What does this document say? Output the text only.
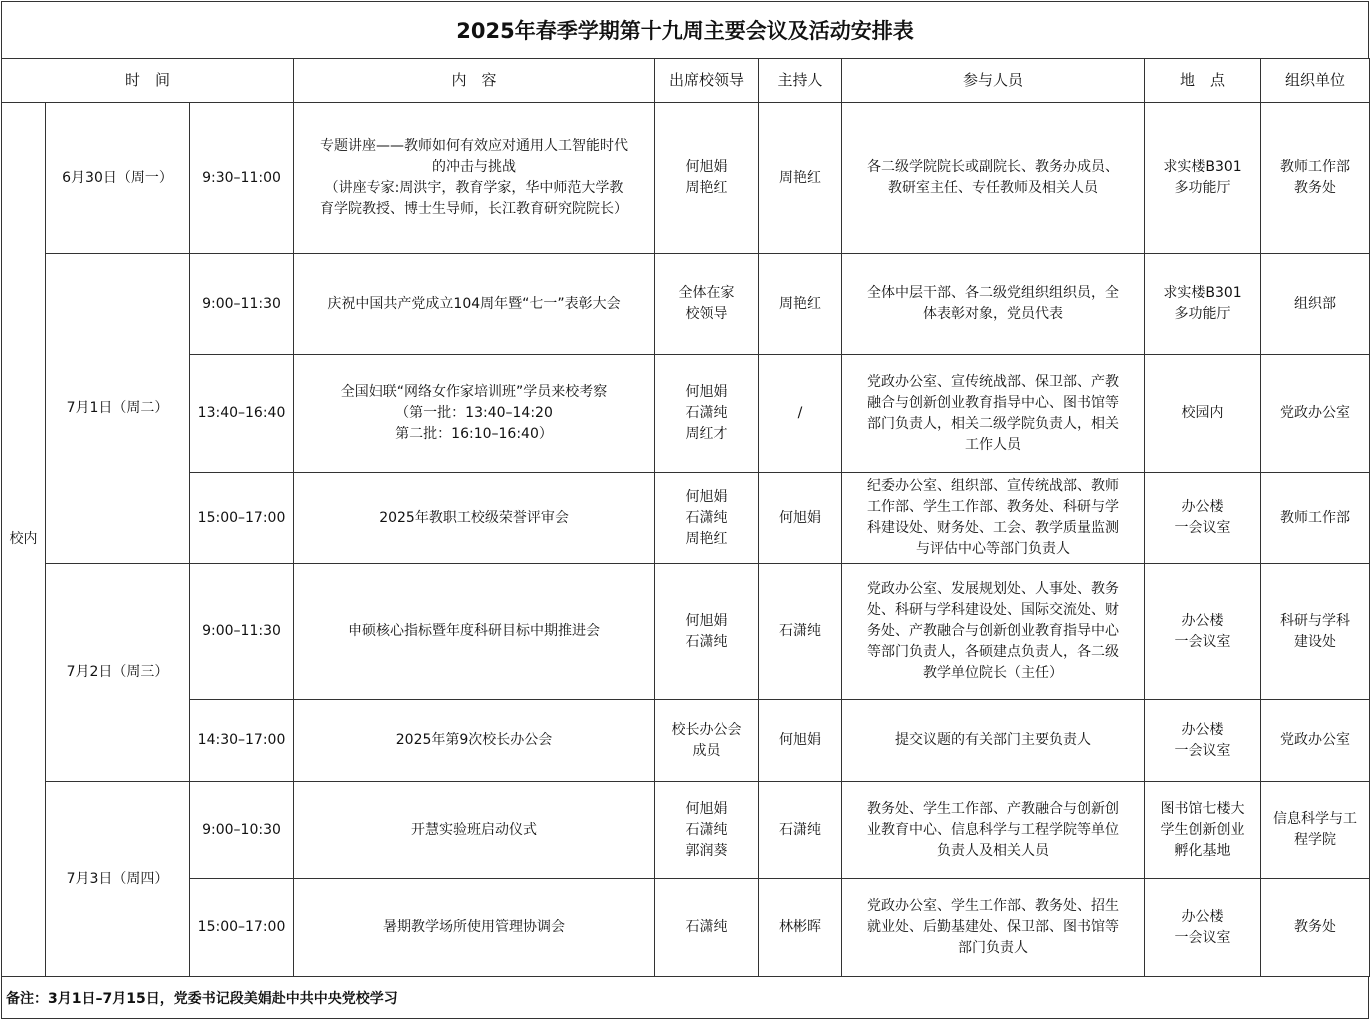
2025年春季学期第十九周主要会议及活动安排表
时　间			内　容	出席校领导	主持人	参与人员	地　点	组织单位
校内	6月30日（周一）	9:30–11:00	专题讲座——教师如何有效应对通用人工智能时代
的冲击与挑战
（讲座专家:周洪宇，教育学家，华中师范大学教
育学院教授、博士生导师，长江教育研究院院长）	何旭娟
周艳红	周艳红	各二级学院院长或副院长、教务办成员、
教研室主任、专任教师及相关人员	求实楼B301
多功能厅	教师工作部
教务处

	7月1日（周二）	9:00–11:30	庆祝中国共产党成立104周年暨“七一”表彰大会	全体在家
校领导	周艳红	全体中层干部、各二级党组织组织员，全
体表彰对象，党员代表	求实楼B301
多功能厅	组织部

		13:40–16:40	全国妇联“网络女作家培训班”学员来校考察
（第一批：13:40–14:20
第二批：16:10–16:40）	何旭娟
石潇纯
周红才	/	党政办公室、宣传统战部、保卫部、产教
融合与创新创业教育指导中心、图书馆等
部门负责人，相关二级学院负责人，相关
工作人员	校园内	党政办公室

		15:00–17:00	2025年教职工校级荣誉评审会	何旭娟
石潇纯
周艳红	何旭娟	纪委办公室、组织部、宣传统战部、教师
工作部、学生工作部、教务处、科研与学
科建设处、财务处、工会、教学质量监测
与评估中心等部门负责人	办公楼
一会议室	教师工作部

	7月2日（周三）	9:00–11:30	申硕核心指标暨年度科研目标中期推进会	何旭娟
石潇纯	石潇纯	党政办公室、发展规划处、人事处、教务
处、科研与学科建设处、国际交流处、财
务处、产教融合与创新创业教育指导中心
等部门负责人，各硕建点负责人，各二级
教学单位院长（主任）	办公楼
一会议室	科研与学科
建设处

		14:30–17:00	2025年第9次校长办公会	校长办公会
成员	何旭娟	提交议题的有关部门主要负责人	办公楼
一会议室	党政办公室

	7月3日（周四）	9:00–10:30	开慧实验班启动仪式	何旭娟
石潇纯
郭润葵	石潇纯	教务处、学生工作部、产教融合与创新创
业教育中心、信息科学与工程学院等单位
负责人及相关人员	图书馆七楼大
学生创新创业
孵化基地	信息科学与工
程学院

		15:00–17:00	暑期教学场所使用管理协调会	石潇纯	林彬晖	党政办公室、学生工作部、教务处、招生
就业处、后勤基建处、保卫部、图书馆等
部门负责人	办公楼
一会议室	教务处
备注：3月1日–7月15日，党委书记段美娟赴中共中央党校学习
